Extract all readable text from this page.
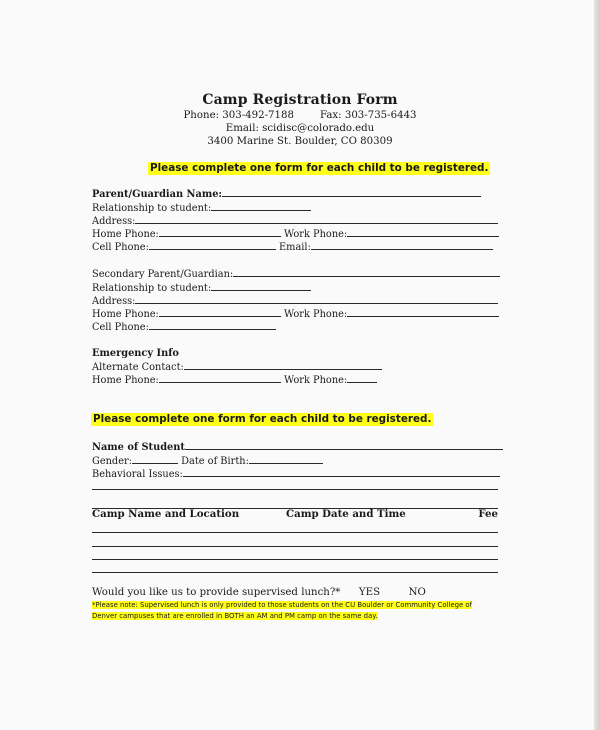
Camp Registration Form
Phone: 303-492-7188	Fax: 303-735-6443
Email: scidisc@colorado.edu
3400 Marine St. Boulder, CO 80309
Please complete one form for each child to be registered.
Parent/Guardian Name:
Relationship to student:
Address:
Home Phone:	Work Phone:
Cell Phone:	Email:
Secondary Parent/Guardian:
Relationship to student:
Address:
Home Phone:	Work Phone:
Cell Phone:
Emergency Info
Alternate Contact:
Home Phone:	Work Phone:
Please complete one form for each child to be registered.
Name of Student
Gender:	Date of Birth:
Behavioral Issues:
Camp Name and Location	Camp Date and Time	Fee
Would you like us to provide supervised lunch?* YES	NO
*Please note: Supervised lunch is only provided to those students on the CU Boulder or Community College of Denver campuses that are enrolled in BOTH an AM and PM camp on the same day.
